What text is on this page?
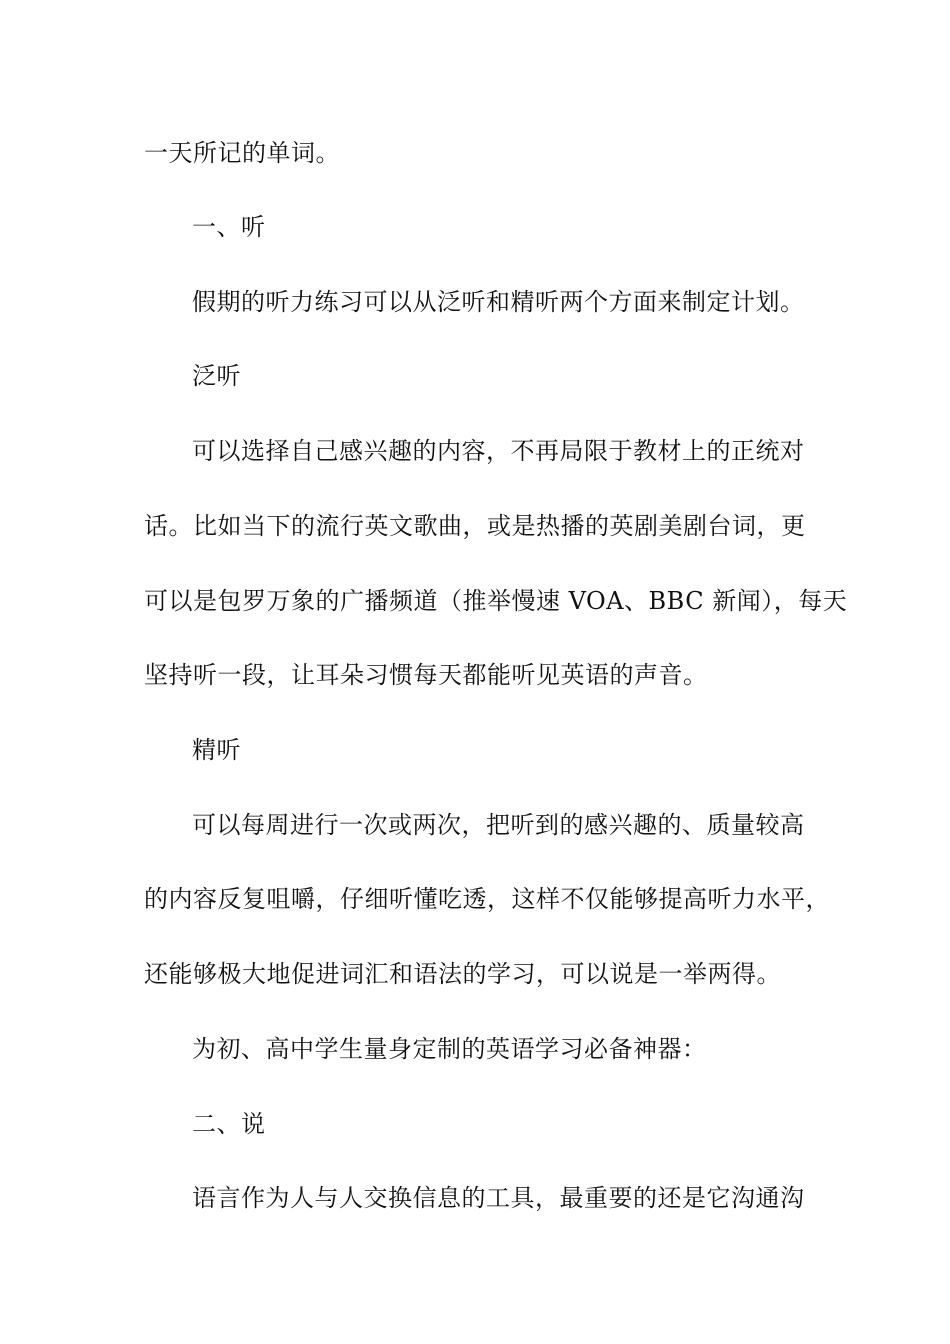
一天所记的单词。
一、听
假期的听力练习可以从泛听和精听两个方面来制定计划。
泛听
可以选择自己感兴趣的内容，不再局限于教材上的正统对
话。比如当下的流行英文歌曲，或是热播的英剧美剧台词，更
可以是包罗万象的广播频道（推举慢速 VOA、BBC 新闻），每天
坚持听一段，让耳朵习惯每天都能听见英语的声音。
精听
可以每周进行一次或两次，把听到的感兴趣的、质量较高
的内容反复咀嚼，仔细听懂吃透，这样不仅能够提高听力水平，
还能够极大地促进词汇和语法的学习，可以说是一举两得。
为初、高中学生量身定制的英语学习必备神器：
二、说
语言作为人与人交换信息的工具，最重要的还是它沟通沟
